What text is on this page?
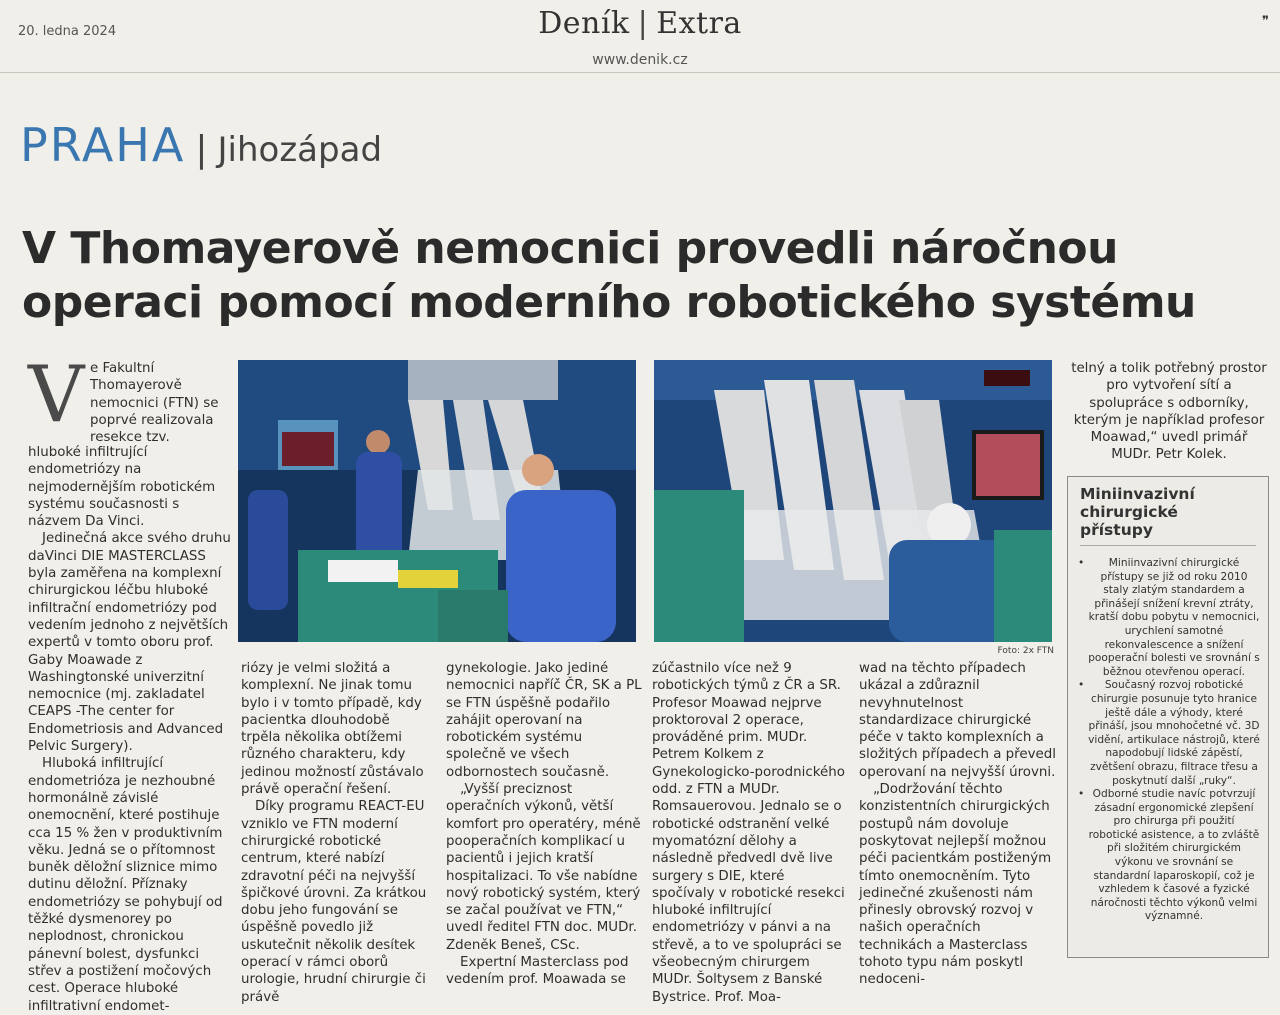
20. ledna 2024	Deník | Extra
www.denik.cz
❞
PRAHA | Jihozápad
V Thomayerově nemocnici provedli náročnou operaci pomocí moderního robotického systému
V e Fakultní Thomayerově nemocnici (FTN) se poprvé realizovala resekce tzv.

hluboké infiltrující endometriózy na nejmodernějším robotickém systému současnosti s názvem Da Vinci.

Jedinečná akce svého druhu daVinci DIE MASTERCLASS byla zaměřena na komplexní chirurgickou léčbu hluboké infiltrační endometriózy pod vedením jednoho z největších expertů v tomto oboru prof. Gaby Moawade z Washingtonské univerzitní nemocnice (mj. zakladatel CEAPS -The center for Endometriosis and Advanced Pelvic Surgery).

Hluboká infiltrující endometrióza je nezhoubné hormonálně závislé onemocnění, které postihuje cca 15 % žen v produktivním věku. Jedná se o přítomnost buněk děložní sliznice mimo dutinu děložní. Příznaky endometriózy se pohybují od těžké dysmenorey po neplodnost, chronickou pánevní bolest, dysfunkci střev a postižení močových cest. Operace hluboké infiltrativní endomet-

Foto: 2x FTN

riózy je velmi složitá a komplexní. Ne jinak tomu bylo i v tomto případě, kdy pacientka dlouhodobě trpěla několika obtížemi různého charakteru, kdy jedinou možností zůstávalo právě operační řešení.

Díky programu REACT-EU vzniklo ve FTN moderní chirurgické robotické centrum, které nabízí zdravotní péči na nejvyšší špičkové úrovni. Za krátkou dobu jeho fungování se úspěšně povedlo již uskutečnit několik desítek operací v rámci oborů urologie, hrudní chirurgie či právě

gynekologie. Jako jediné nemocnici napříč ČR, SK a PL se FTN úspěšně podařilo zahájit operovaní na robotickém systému společně ve všech odbornostech současně.

„Vyšší preciznost operačních výkonů, větší komfort pro operatéry, méně pooperačních komplikací u pacientů i jejich kratší hospitalizaci. To vše nabídne nový robotický systém, který se začal používat ve FTN,“ uvedl ředitel FTN doc. MUDr. Zdeněk Beneš, CSc.

Expertní Masterclass pod vedením prof. Moawada se

zúčastnilo více než 9 robotických týmů z ČR a SR. Profesor Moawad nejprve proktoroval 2 operace, prováděné prim. MUDr. Petrem Kolkem z Gynekologicko-porodnického odd. z FTN a MUDr. Romsauerovou. Jednalo se o robotické odstranění velké myomatózní dělohy a následně předvedl dvě live surgery s DIE, které spočívaly v robotické resekci hluboké infiltrující endometriózy v pánvi a na střevě, a to ve spolupráci se všeobecným chirurgem MUDr. Šoltysem z Banské Bystrice. Prof. Moa-

wad na těchto případech ukázal a zdůraznil nevyhnutelnost standardizace chirurgické péče v takto komplexních a složitých případech a převedl operovaní na nejvyšší úrovni.

„Dodržování těchto konzistentních chirurgických postupů nám dovoluje poskytovat nejlepší možnou péči pacientkám postiženým tímto onemocněním. Tyto jedinečné zkušenosti nám přinesly obrovský rozvoj v našich operačních technikách a Masterclass tohoto typu nám poskytl nedoceni-

telný a tolik potřebný prostor pro vytvoření sítí a spolupráce s odborníky, kterým je například profesor Moawad,“ uvedl primář MUDr. Petr Kolek.

Miniinvazivní chirurgické přístupy
• Miniinvazivní chirurgické přístupy se již od roku 2010 staly zlatým standardem a přinášejí snížení krevní ztráty, kratší dobu pobytu v nemocnici, urychlení samotné rekonvalescence a snížení pooperační bolesti ve srovnání s běžnou otevřenou operací.
• Současný rozvoj robotické chirurgie posunuje tyto hranice ještě dále a výhody, které přináší, jsou mnohočetné vč. 3D vidění, artikulace nástrojů, které napodobují lidské zápěstí, zvětšení obrazu, filtrace třesu a poskytnutí další „ruky“.
• Odborné studie navíc potvrzují zásadní ergonomické zlepšení pro chirurga při použití robotické asistence, a to zvláště při složitém chirurgickém výkonu ve srovnání se standardní laparoskopií, což je vzhledem k časové a fyzické náročnosti těchto výkonů velmi významné.
